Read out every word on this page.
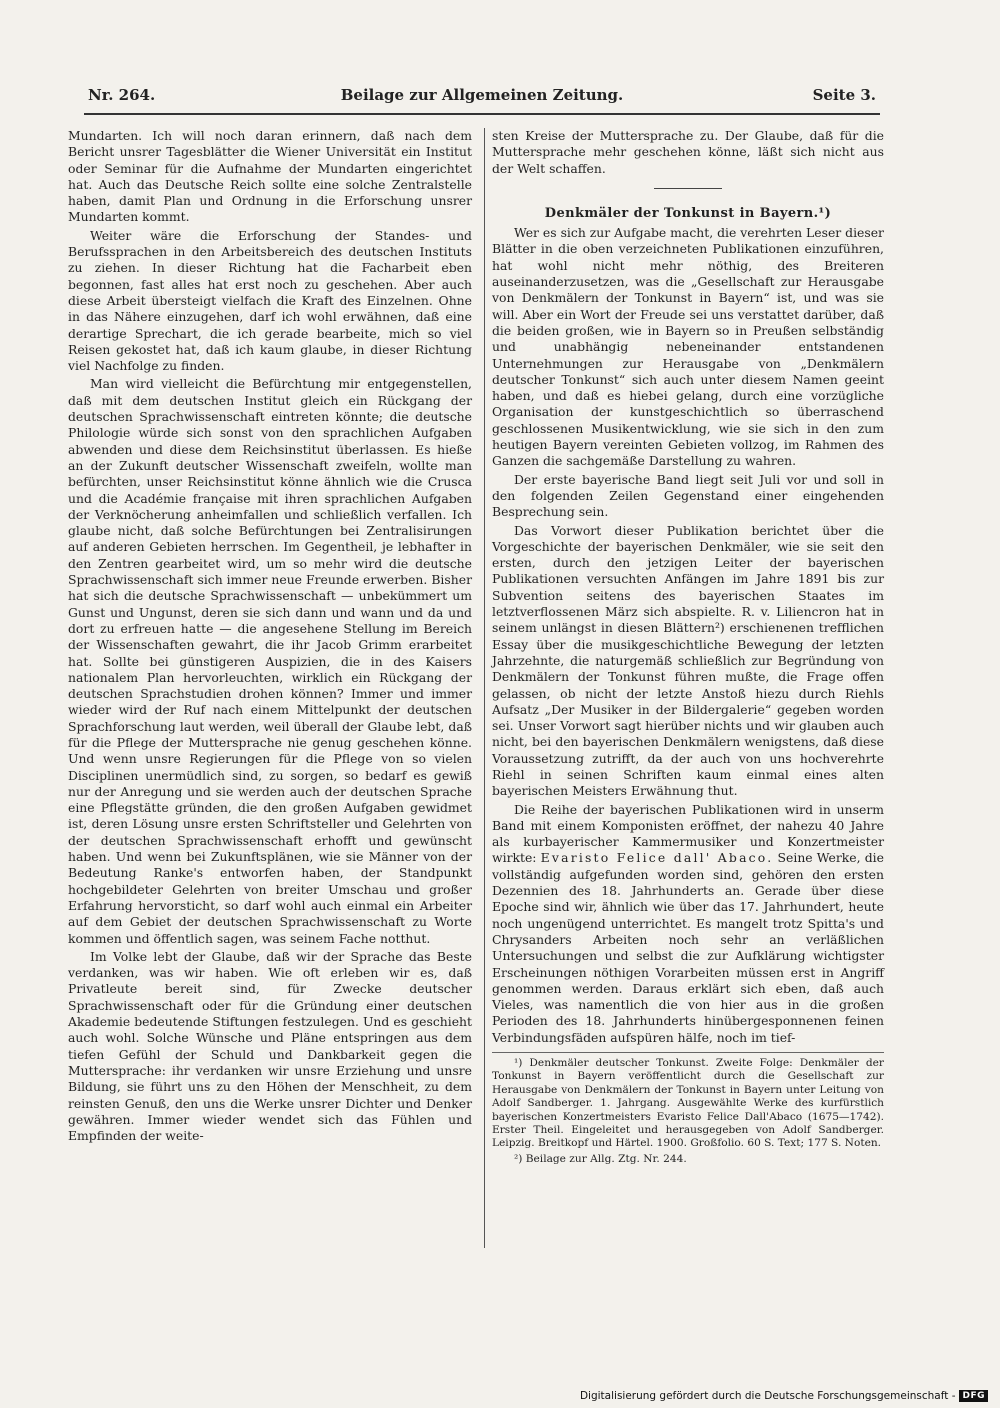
Nr. 264.	Beilage zur Allgemeinen Zeitung.	Seite 3.

Mundarten. Ich will noch daran erinnern, daß nach dem Bericht unsrer Tagesblätter die Wiener Universität ein Institut oder Seminar für die Aufnahme der Mundarten eingerichtet hat. Auch das Deutsche Reich sollte eine solche Zentralstelle haben, damit Plan und Ordnung in die Erforschung unsrer Mundarten kommt.

Weiter wäre die Erforschung der Standes- und Berufssprachen in den Arbeitsbereich des deutschen Instituts zu ziehen. In dieser Richtung hat die Facharbeit eben begonnen, fast alles hat erst noch zu geschehen. Aber auch diese Arbeit übersteigt vielfach die Kraft des Einzelnen. Ohne in das Nähere einzugehen, darf ich wohl erwähnen, daß eine derartige Sprechart, die ich gerade bearbeite, mich so viel Reisen gekostet hat, daß ich kaum glaube, in dieser Richtung viel Nachfolge zu finden.

Man wird vielleicht die Befürchtung mir entgegenstellen, daß mit dem deutschen Institut gleich ein Rückgang der deutschen Sprachwissenschaft eintreten könnte; die deutsche Philologie würde sich sonst von den sprachlichen Aufgaben abwenden und diese dem Reichsinstitut überlassen. Es hieße an der Zukunft deutscher Wissenschaft zweifeln, wollte man befürchten, unser Reichsinstitut könne ähnlich wie die Crusca und die Académie française mit ihren sprachlichen Aufgaben der Verknöcherung anheimfallen und schließlich verfallen. Ich glaube nicht, daß solche Befürchtungen bei Zentralisirungen auf anderen Gebieten herrschen. Im Gegentheil, je lebhafter in den Zentren gearbeitet wird, um so mehr wird die deutsche Sprachwissenschaft sich immer neue Freunde erwerben. Bisher hat sich die deutsche Sprachwissenschaft — unbekümmert um Gunst und Ungunst, deren sie sich dann und wann und da und dort zu erfreuen hatte — die angesehene Stellung im Bereich der Wissenschaften gewahrt, die ihr Jacob Grimm erarbeitet hat. Sollte bei günstigeren Auspizien, die in des Kaisers nationalem Plan hervorleuchten, wirklich ein Rückgang der deutschen Sprachstudien drohen können? Immer und immer wieder wird der Ruf nach einem Mittelpunkt der deutschen Sprachforschung laut werden, weil überall der Glaube lebt, daß für die Pflege der Muttersprache nie genug geschehen könne. Und wenn unsre Regierungen für die Pflege von so vielen Disciplinen unermüdlich sind, zu sorgen, so bedarf es gewiß nur der Anregung und sie werden auch der deutschen Sprache eine Pflegstätte gründen, die den großen Aufgaben gewidmet ist, deren Lösung unsre ersten Schriftsteller und Gelehrten von der deutschen Sprachwissenschaft erhofft und gewünscht haben. Und wenn bei Zukunftsplänen, wie sie Männer von der Bedeutung Ranke's entworfen haben, der Standpunkt hochgebildeter Gelehrten von breiter Umschau und großer Erfahrung hervorsticht, so darf wohl auch einmal ein Arbeiter auf dem Gebiet der deutschen Sprachwissenschaft zu Worte kommen und öffentlich sagen, was seinem Fache notthut.

Im Volke lebt der Glaube, daß wir der Sprache das Beste verdanken, was wir haben. Wie oft erleben wir es, daß Privatleute bereit sind, für Zwecke deutscher Sprachwissenschaft oder für die Gründung einer deutschen Akademie bedeutende Stiftungen festzulegen. Und es geschieht auch wohl. Solche Wünsche und Pläne entspringen aus dem tiefen Gefühl der Schuld und Dankbarkeit gegen die Muttersprache: ihr verdanken wir unsre Erziehung und unsre Bildung, sie führt uns zu den Höhen der Menschheit, zu dem reinsten Genuß, den uns die Werke unsrer Dichter und Denker gewähren. Immer wieder wendet sich das Fühlen und Empfinden der weite-

sten Kreise der Muttersprache zu. Der Glaube, daß für die Muttersprache mehr geschehen könne, läßt sich nicht aus der Welt schaffen.

Denkmäler der Tonkunst in Bayern.¹)

Wer es sich zur Aufgabe macht, die verehrten Leser dieser Blätter in die oben verzeichneten Publikationen einzuführen, hat wohl nicht mehr nöthig, des Breiteren auseinanderzusetzen, was die „Gesellschaft zur Herausgabe von Denkmälern der Tonkunst in Bayern“ ist, und was sie will. Aber ein Wort der Freude sei uns verstattet darüber, daß die beiden großen, wie in Bayern so in Preußen selbständig und unabhängig nebeneinander entstandenen Unternehmungen zur Herausgabe von „Denkmälern deutscher Tonkunst“ sich auch unter diesem Namen geeint haben, und daß es hiebei gelang, durch eine vorzügliche Organisation der kunstgeschichtlich so überraschend geschlossenen Musikentwicklung, wie sie sich in den zum heutigen Bayern vereinten Gebieten vollzog, im Rahmen des Ganzen die sachgemäße Darstellung zu wahren.

Der erste bayerische Band liegt seit Juli vor und soll in den folgenden Zeilen Gegenstand einer eingehenden Besprechung sein.

Das Vorwort dieser Publikation berichtet über die Vorgeschichte der bayerischen Denkmäler, wie sie seit den ersten, durch den jetzigen Leiter der bayerischen Publikationen versuchten Anfängen im Jahre 1891 bis zur Subvention seitens des bayerischen Staates im letztverflossenen März sich abspielte. R. v. Liliencron hat in seinem unlängst in diesen Blättern²) erschienenen trefflichen Essay über die musikgeschichtliche Bewegung der letzten Jahrzehnte, die naturgemäß schließlich zur Begründung von Denkmälern der Tonkunst führen mußte, die Frage offen gelassen, ob nicht der letzte Anstoß hiezu durch Riehls Aufsatz „Der Musiker in der Bildergalerie“ gegeben worden sei. Unser Vorwort sagt hierüber nichts und wir glauben auch nicht, bei den bayerischen Denkmälern wenigstens, daß diese Voraussetzung zutrifft, da der auch von uns hochverehrte Riehl in seinen Schriften kaum einmal eines alten bayerischen Meisters Erwähnung thut.

Die Reihe der bayerischen Publikationen wird in unserm Band mit einem Komponisten eröffnet, der nahezu 40 Jahre als kurbayerischer Kammermusiker und Konzertmeister wirkte: Evaristo Felice dall' Abaco. Seine Werke, die vollständig aufgefunden worden sind, gehören den ersten Dezennien des 18. Jahrhunderts an. Gerade über diese Epoche sind wir, ähnlich wie über das 17. Jahrhundert, heute noch ungenügend unterrichtet. Es mangelt trotz Spitta's und Chrysanders Arbeiten noch sehr an verläßlichen Untersuchungen und selbst die zur Aufklärung wichtigster Erscheinungen nöthigen Vorarbeiten müssen erst in Angriff genommen werden. Daraus erklärt sich eben, daß auch Vieles, was namentlich die von hier aus in die großen Perioden des 18. Jahrhunderts hinübergesponnenen feinen Verbindungsfäden aufspüren hälfe, noch im tief-

¹) Denkmäler deutscher Tonkunst. Zweite Folge: Denkmäler der Tonkunst in Bayern veröffentlicht durch die Gesellschaft zur Herausgabe von Denkmälern der Tonkunst in Bayern unter Leitung von Adolf Sandberger. 1. Jahrgang. Ausgewählte Werke des kurfürstlich bayerischen Konzertmeisters Evaristo Felice Dall'Abaco (1675—1742). Erster Theil. Eingeleitet und herausgegeben von Adolf Sandberger. Leipzig. Breitkopf und Härtel. 1900. Großfolio. 60 S. Text; 177 S. Noten.

²) Beilage zur Allg. Ztg. Nr. 244.

Digitalisierung gefördert durch die Deutsche Forschungsgemeinschaft - DFG
